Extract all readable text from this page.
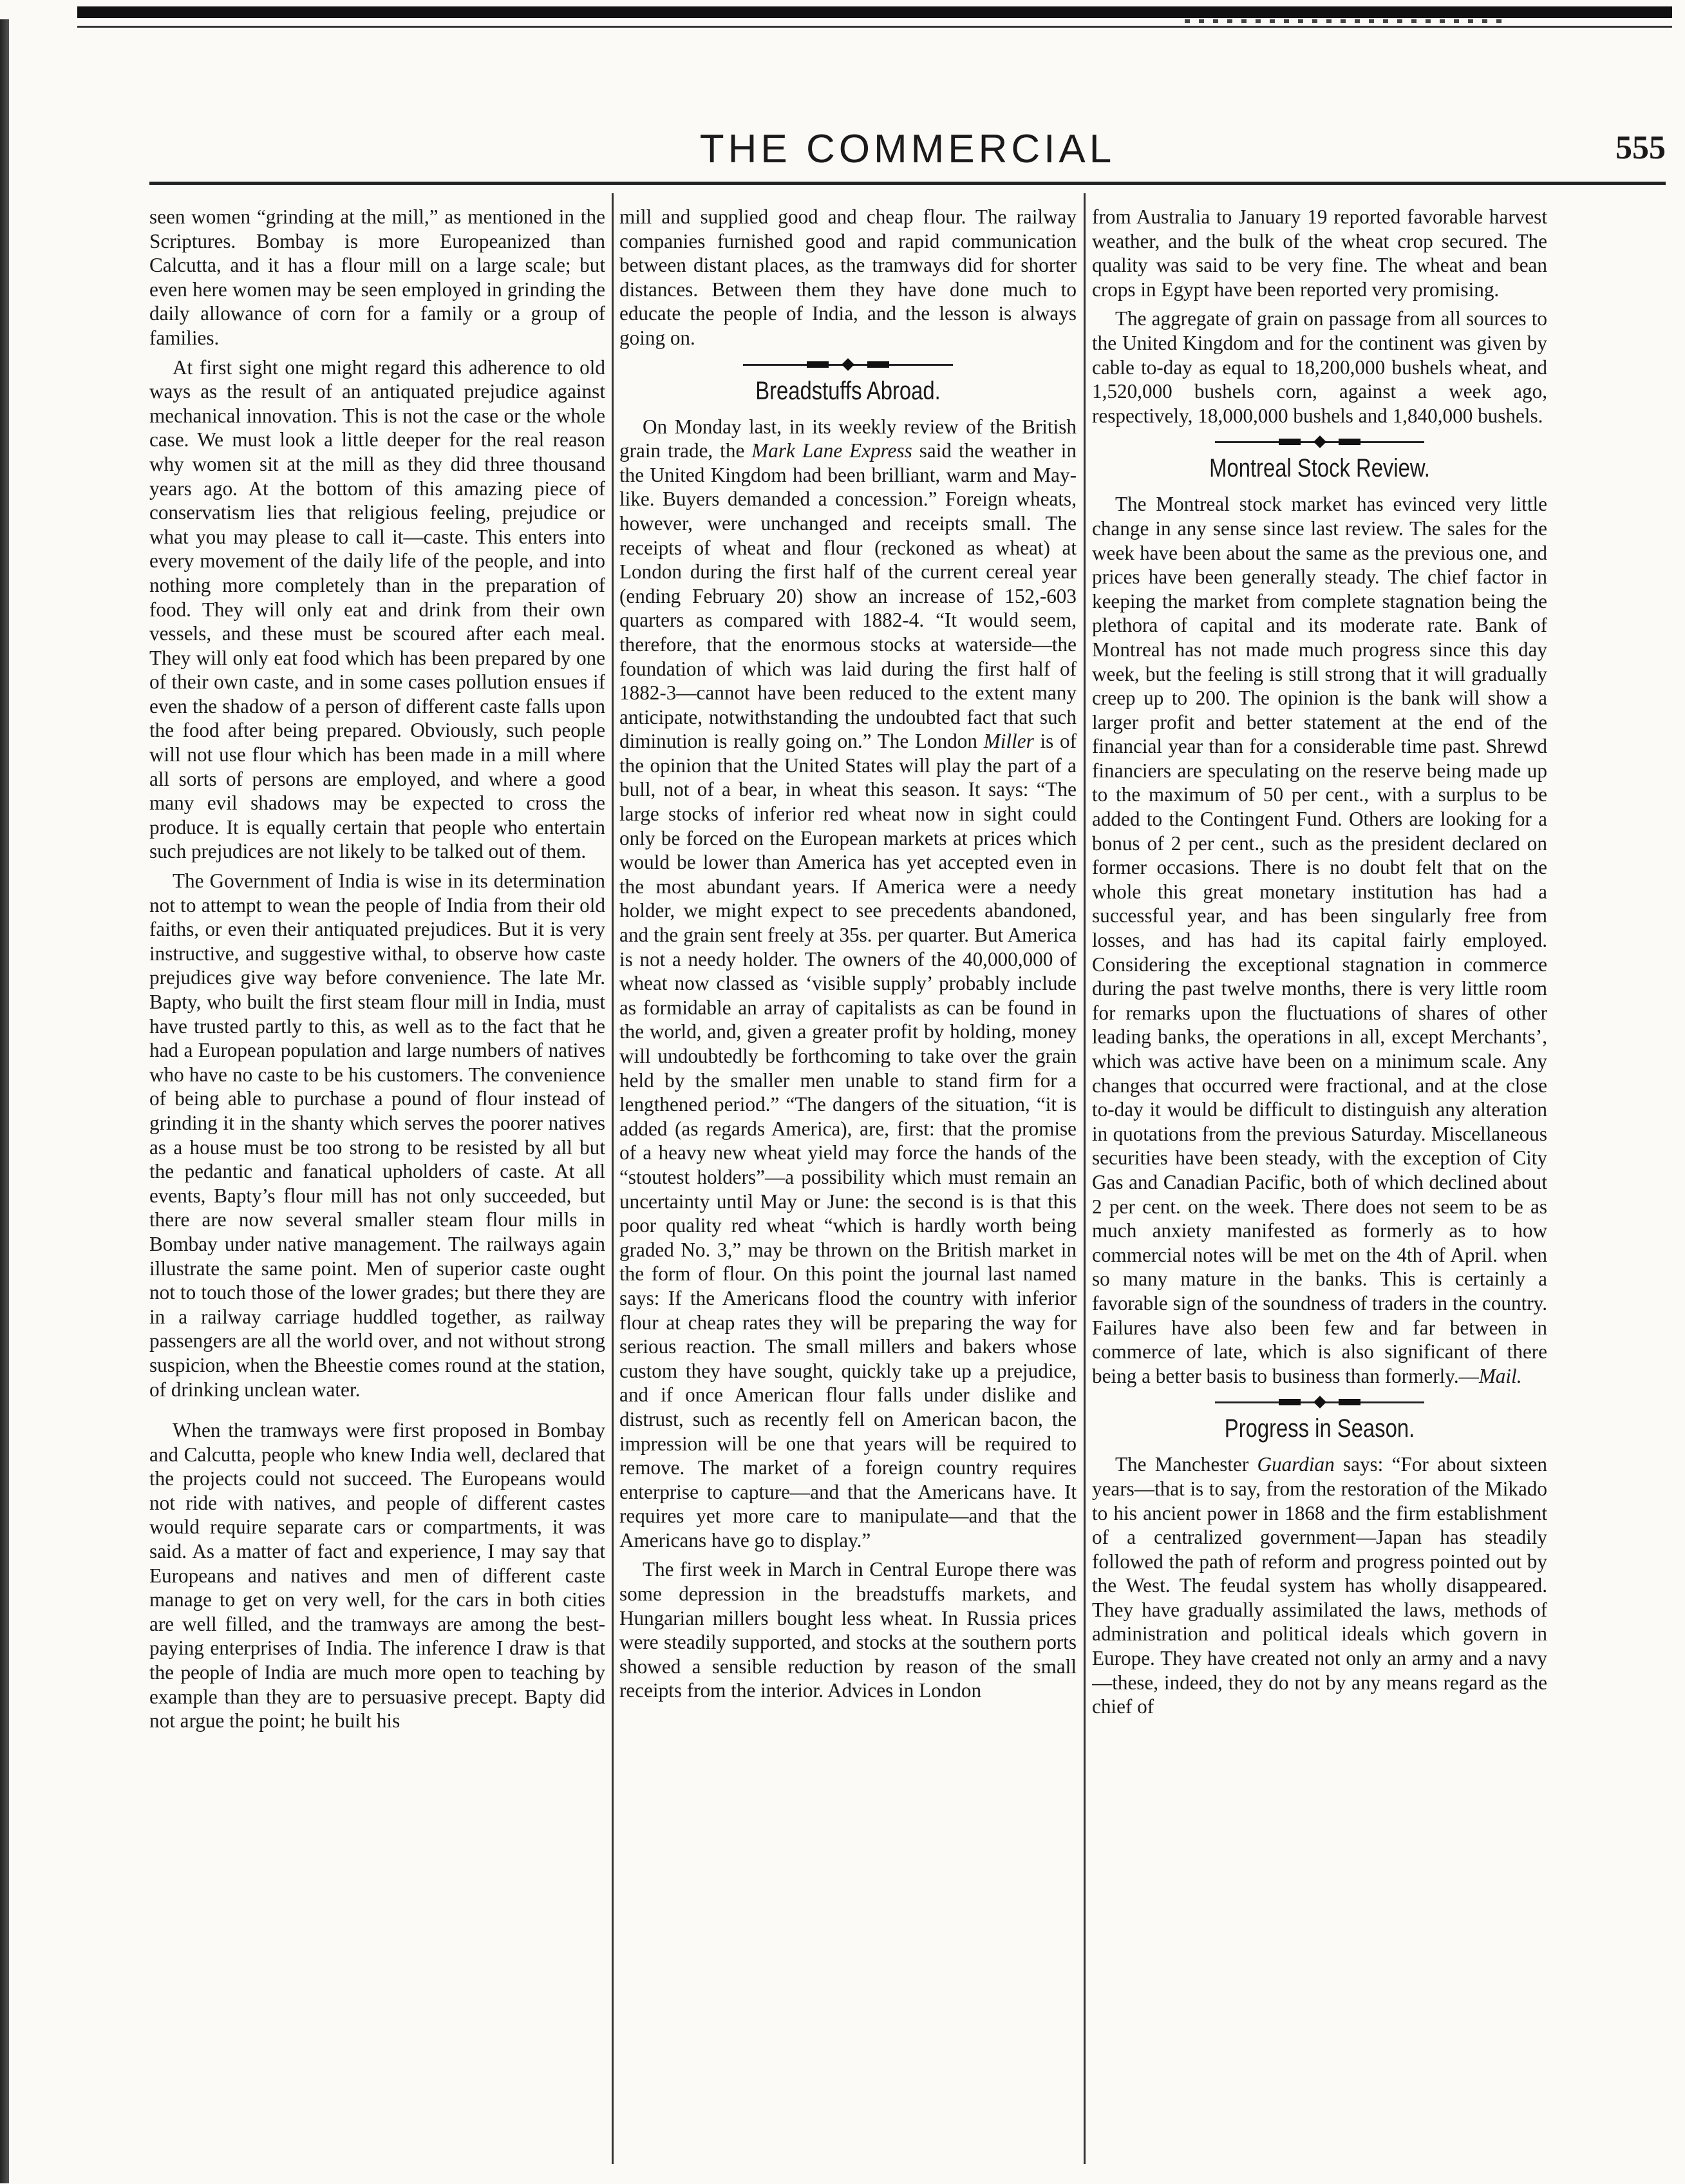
THE COMMERCIAL	555

seen women “grinding at the mill,” as mentioned in the Scriptures. Bombay is more Europeanized than Calcutta, and it has a flour mill on a large scale; but even here women may be seen employed in grinding the daily allowance of corn for a family or a group of families.

At first sight one might regard this adherence to old ways as the result of an antiquated prejudice against mechanical innovation. This is not the case or the whole case. We must look a little deeper for the real reason why women sit at the mill as they did three thousand years ago. At the bottom of this amazing piece of conservatism lies that religious feeling, prejudice or what you may please to call it—caste. This enters into every movement of the daily life of the people, and into nothing more completely than in the preparation of food. They will only eat and drink from their own vessels, and these must be scoured after each meal. They will only eat food which has been prepared by one of their own caste, and in some cases pollution ensues if even the shadow of a person of different caste falls upon the food after being prepared. Obviously, such people will not use flour which has been made in a mill where all sorts of persons are employed, and where a good many evil shadows may be expected to cross the produce. It is equally certain that people who entertain such prejudices are not likely to be talked out of them.

The Government of India is wise in its determination not to attempt to wean the people of India from their old faiths, or even their antiquated prejudices. But it is very instructive, and suggestive withal, to observe how caste prejudices give way before convenience. The late Mr. Bapty, who built the first steam flour mill in India, must have trusted partly to this, as well as to the fact that he had a European population and large numbers of natives who have no caste to be his customers. The convenience of being able to purchase a pound of flour instead of grinding it in the shanty which serves the poorer natives as a house must be too strong to be resisted by all but the pedantic and fanatical upholders of caste. At all events, Bapty’s flour mill has not only succeeded, but there are now several smaller steam flour mills in Bombay under native management. The railways again illustrate the same point. Men of superior caste ought not to touch those of the lower grades; but there they are in a railway carriage huddled together, as railway passengers are all the world over, and not without strong suspicion, when the Bheestie comes round at the station, of drinking unclean water.

When the tramways were first proposed in Bombay and Calcutta, people who knew India well, declared that the projects could not succeed. The Europeans would not ride with natives, and people of different castes would require separate cars or compartments, it was said. As a matter of fact and experience, I may say that Europeans and natives and men of different caste manage to get on very well, for the cars in both cities are well filled, and the tramways are among the best-paying enterprises of India. The inference I draw is that the people of India are much more open to teaching by example than they are to persuasive precept. Bapty did not argue the point; he built his

mill and supplied good and cheap flour. The railway companies furnished good and rapid communication between distant places, as the tramways did for shorter distances. Between them they have done much to educate the people of India, and the lesson is always going on.

Breadstuffs Abroad.

On Monday last, in its weekly review of the British grain trade, the Mark Lane Express said the weather in the United Kingdom had been brilliant, warm and May-like. Buyers demanded a concession.” Foreign wheats, however, were unchanged and receipts small. The receipts of wheat and flour (reckoned as wheat) at London during the first half of the current cereal year (ending February 20) show an increase of 152,-603 quarters as compared with 1882-4. “It would seem, therefore, that the enormous stocks at waterside—the foundation of which was laid during the first half of 1882-3—cannot have been reduced to the extent many anticipate, notwithstanding the undoubted fact that such diminution is really going on.” The London Miller is of the opinion that the United States will play the part of a bull, not of a bear, in wheat this season. It says: “The large stocks of inferior red wheat now in sight could only be forced on the European markets at prices which would be lower than America has yet accepted even in the most abundant years. If America were a needy holder, we might expect to see precedents abandoned, and the grain sent freely at 35s. per quarter. But America is not a needy holder. The owners of the 40,000,000 of wheat now classed as ‘visible supply’ probably include as formidable an array of capitalists as can be found in the world, and, given a greater profit by holding, money will undoubtedly be forthcoming to take over the grain held by the smaller men unable to stand firm for a lengthened period.” “The dangers of the situation, “it is added (as regards America), are, first: that the promise of a heavy new wheat yield may force the hands of the “stoutest holders”—a possibility which must remain an uncertainty until May or June: the second is is that this poor quality red wheat “which is hardly worth being graded No. 3,” may be thrown on the British market in the form of flour. On this point the journal last named says: If the Americans flood the country with inferior flour at cheap rates they will be preparing the way for serious reaction. The small millers and bakers whose custom they have sought, quickly take up a prejudice, and if once American flour falls under dislike and distrust, such as recently fell on American bacon, the impression will be one that years will be required to remove. The market of a foreign country requires enterprise to capture—and that the Americans have. It requires yet more care to manipulate—and that the Americans have go to display.”

The first week in March in Central Europe there was some depression in the breadstuffs markets, and Hungarian millers bought less wheat. In Russia prices were steadily supported, and stocks at the southern ports showed a sensible reduction by reason of the small receipts from the interior. Advices in London

from Australia to January 19 reported favorable harvest weather, and the bulk of the wheat crop secured. The quality was said to be very fine. The wheat and bean crops in Egypt have been reported very promising.

The aggregate of grain on passage from all sources to the United Kingdom and for the continent was given by cable to-day as equal to 18,200,000 bushels wheat, and 1,520,000 bushels corn, against a week ago, respectively, 18,000,000 bushels and 1,840,000 bushels.

Montreal Stock Review.

The Montreal stock market has evinced very little change in any sense since last review. The sales for the week have been about the same as the previous one, and prices have been generally steady. The chief factor in keeping the market from complete stagnation being the plethora of capital and its moderate rate. Bank of Montreal has not made much progress since this day week, but the feeling is still strong that it will gradually creep up to 200. The opinion is the bank will show a larger profit and better statement at the end of the financial year than for a considerable time past. Shrewd financiers are speculating on the reserve being made up to the maximum of 50 per cent., with a surplus to be added to the Contingent Fund. Others are looking for a bonus of 2 per cent., such as the president declared on former occasions. There is no doubt felt that on the whole this great monetary institution has had a successful year, and has been singularly free from losses, and has had its capital fairly employed. Considering the exceptional stagnation in commerce during the past twelve months, there is very little room for remarks upon the fluctuations of shares of other leading banks, the operations in all, except Merchants’, which was active have been on a minimum scale. Any changes that occurred were fractional, and at the close to-day it would be difficult to distinguish any alteration in quotations from the previous Saturday. Miscellaneous securities have been steady, with the exception of City Gas and Canadian Pacific, both of which declined about 2 per cent. on the week. There does not seem to be as much anxiety manifested as formerly as to how commercial notes will be met on the 4th of April. when so many mature in the banks. This is certainly a favorable sign of the soundness of traders in the country. Failures have also been few and far between in commerce of late, which is also significant of there being a better basis to business than formerly.—Mail.

Progress in Season.

The Manchester Guardian says: “For about sixteen years—that is to say, from the restoration of the Mikado to his ancient power in 1868 and the firm establishment of a centralized government—Japan has steadily followed the path of reform and progress pointed out by the West. The feudal system has wholly disappeared. They have gradually assimilated the laws, methods of administration and political ideals which govern in Europe. They have created not only an army and a navy—these, indeed, they do not by any means regard as the chief of
